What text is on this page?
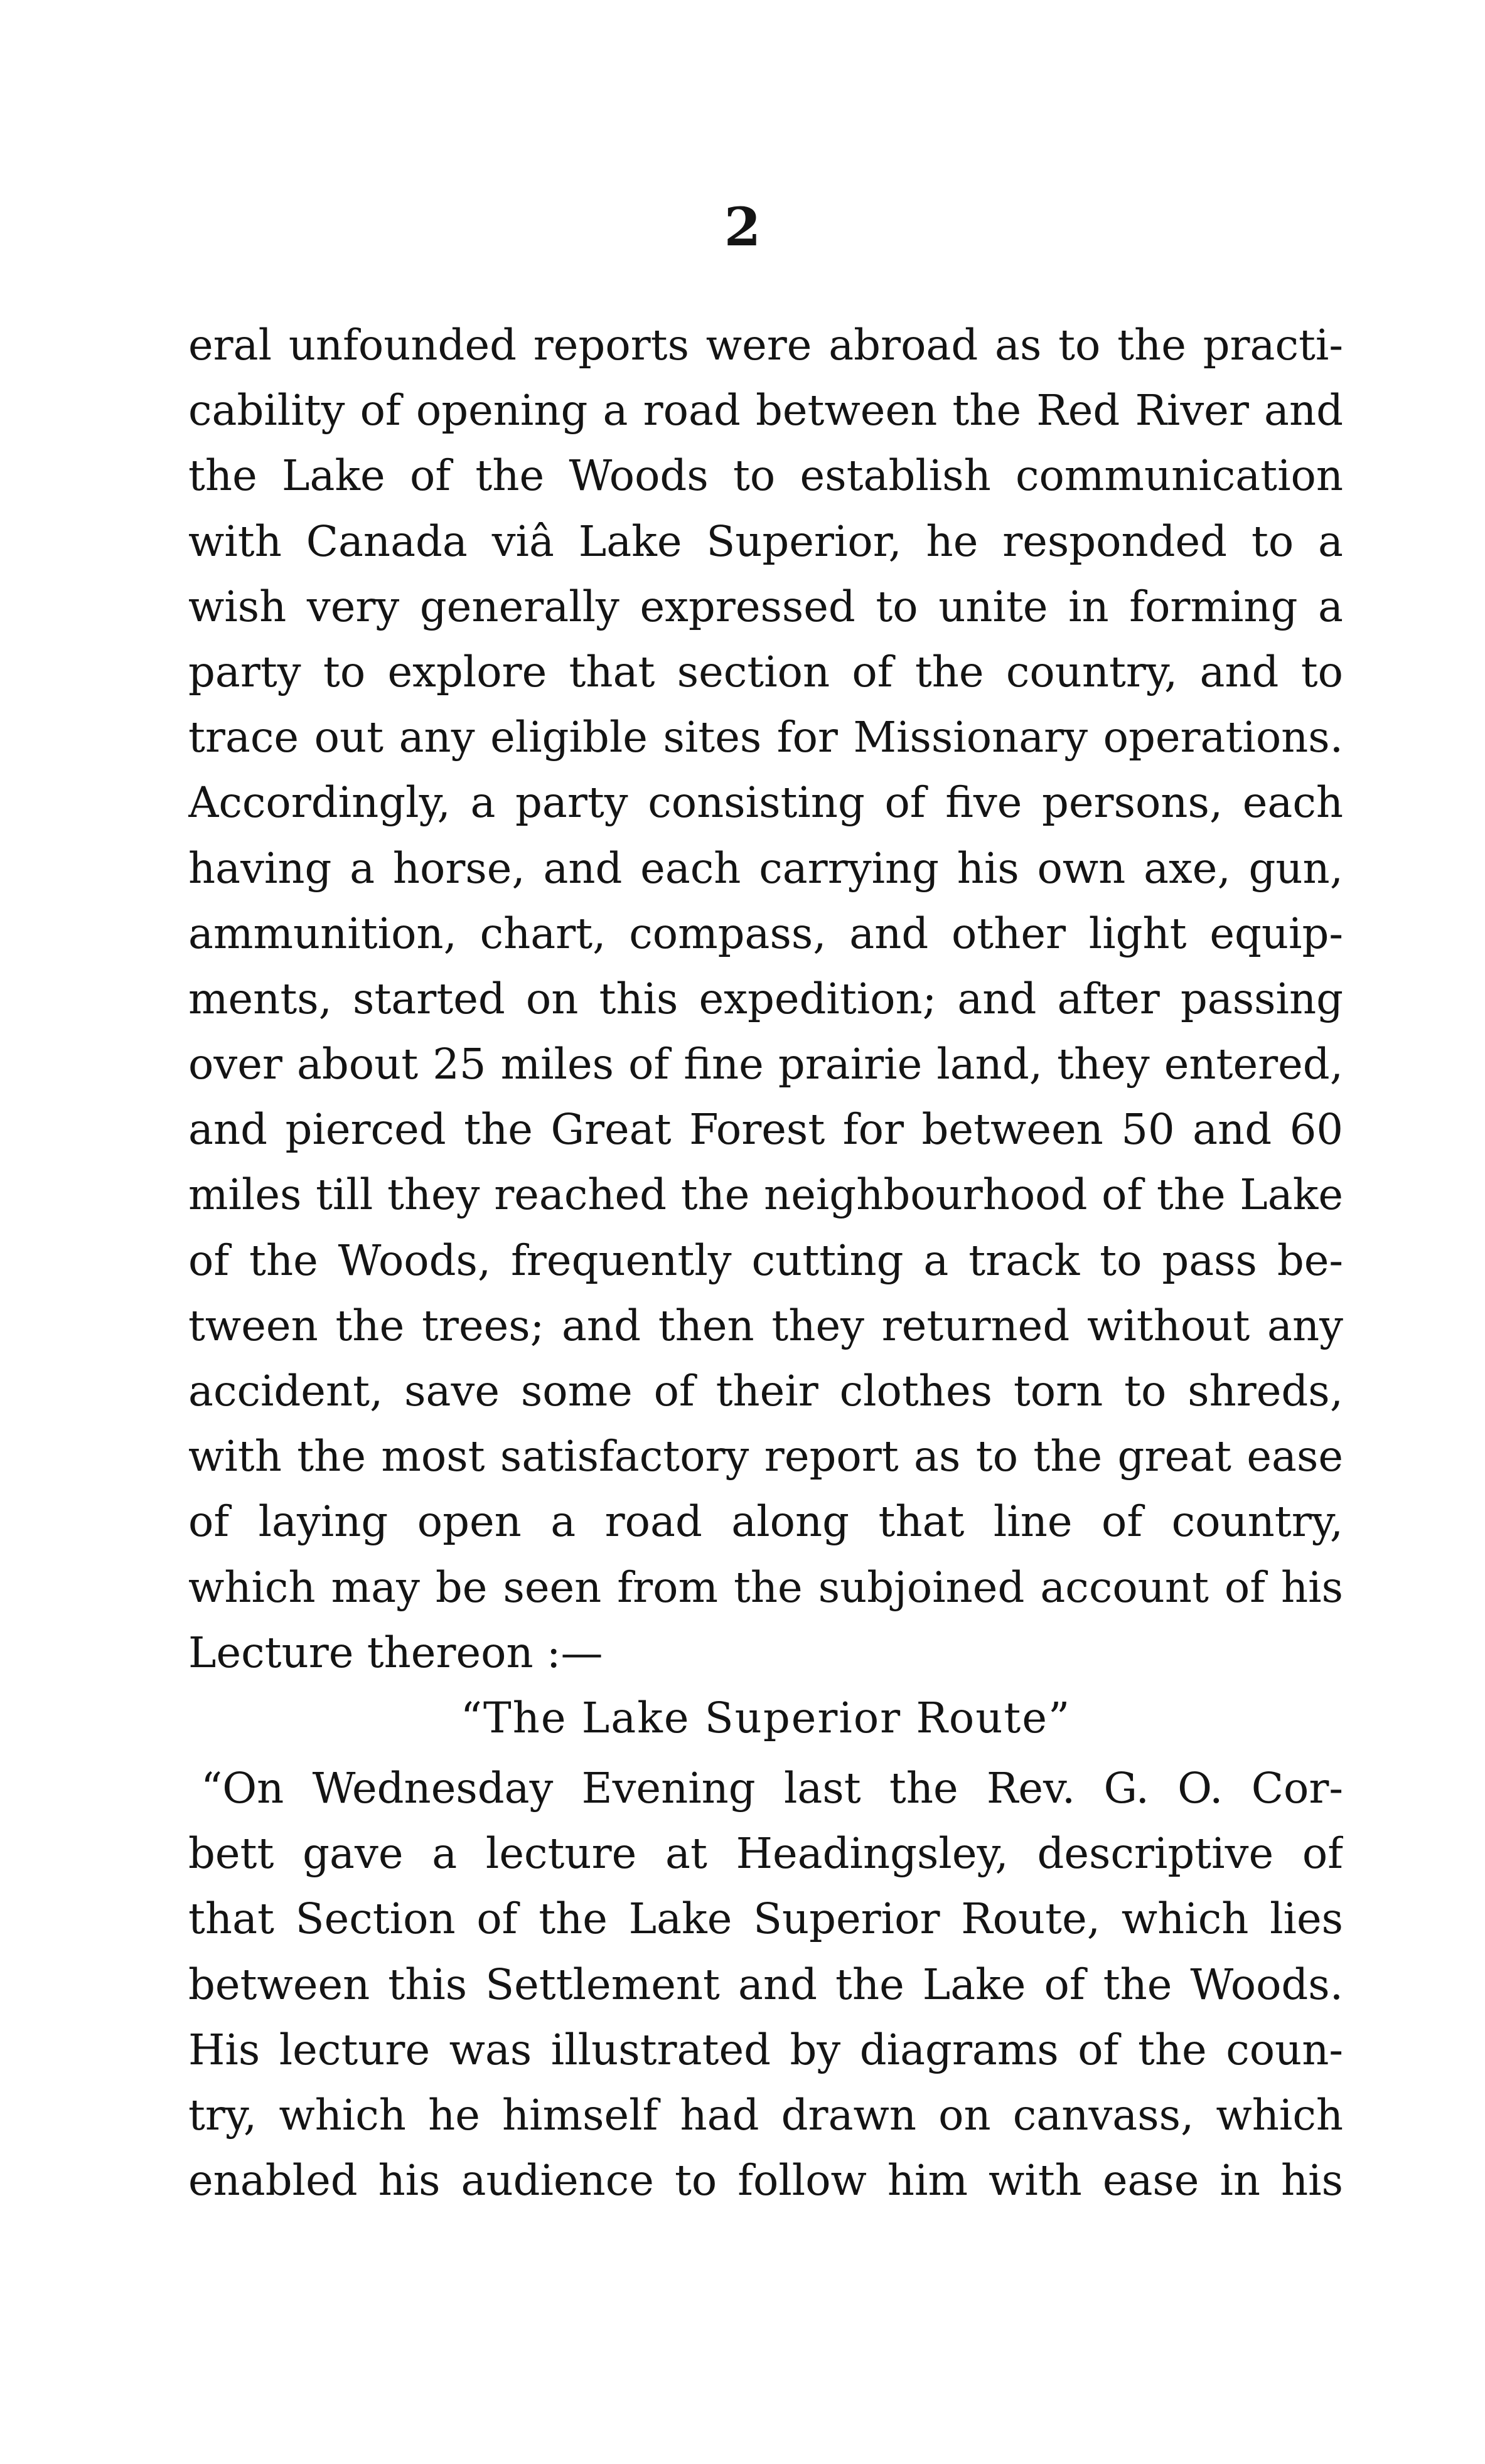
2
eral unfounded reports were abroad as to the practi-
cability of opening a road between the Red River and
the Lake of the Woods to establish communication
with Canada viâ Lake Superior, he responded to a
wish very generally expressed to unite in forming a
party to explore that section of the country, and to
trace out any eligible sites for Missionary operations.
Accordingly, a party consisting of five persons, each
having a horse, and each carrying his own axe, gun,
ammunition, chart, compass, and other light equip-
ments, started on this expedition; and after passing
over about 25 miles of fine prairie land, they entered,
and pierced the Great Forest for between 50 and 60
miles till they reached the neighbourhood of the Lake
of the Woods, frequently cutting a track to pass be-
tween the trees; and then they returned without any
accident, save some of their clothes torn to shreds,
with the most satisfactory report as to the great ease
of laying open a road along that line of country,
which may be seen from the subjoined account of his
Lecture thereon :—
“The Lake Superior Route”
“On Wednesday Evening last the Rev. G. O. Cor-
bett gave a lecture at Headingsley, descriptive of
that Section of the Lake Superior Route, which lies
between this Settlement and the Lake of the Woods.
His lecture was illustrated by diagrams of the coun-
try, which he himself had drawn on canvass, which
enabled his audience to follow him with ease in his
